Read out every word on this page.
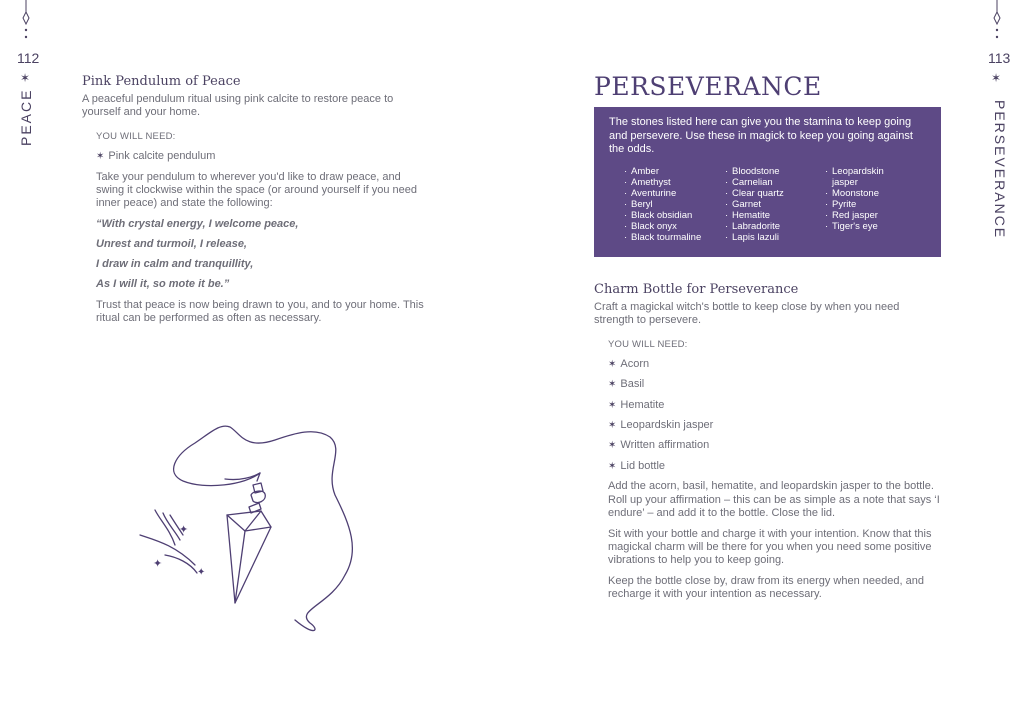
112
✶
PEACE
113
✶
PERSEVERANCE
Pink Pendulum of Peace
A peaceful pendulum ritual using pink calcite to restore peace to
yourself and your home.
YOU WILL NEED:
✶ Pink calcite pendulum
Take your pendulum to wherever you'd like to draw peace, and
swing it clockwise within the space (or around yourself if you need
inner peace) and state the following:
“With crystal energy, I welcome peace,
Unrest and turmoil, I release,
I draw in calm and tranquillity,
As I will it, so mote it be.”
Trust that peace is now being drawn to you, and to your home. This
ritual can be performed as often as necessary.
✦
✦
✦
PERSEVERANCE
The stones listed here can give you the stamina to keep going
and persevere. Use these in magick to keep you going against
the odds.
· Amber
· Amethyst
· Aventurine
· Beryl
· Black obsidian
· Black onyx
· Black tourmaline
· Bloodstone
· Carnelian
· Clear quartz
· Garnet
· Hematite
· Labradorite
· Lapis lazuli
· Leopardskin
jasper
· Moonstone
· Pyrite
· Red jasper
· Tiger's eye
Charm Bottle for Perseverance
Craft a magickal witch's bottle to keep close by when you need
strength to persevere.
YOU WILL NEED:
✶ Acorn
✶ Basil
✶ Hematite
✶ Leopardskin jasper
✶ Written affirmation
✶ Lid bottle
Add the acorn, basil, hematite, and leopardskin jasper to the bottle.
Roll up your affirmation – this can be as simple as a note that says ‘I
endure’ – and add it to the bottle. Close the lid.
Sit with your bottle and charge it with your intention. Know that this
magickal charm will be there for you when you need some positive
vibrations to help you to keep going.
Keep the bottle close by, draw from its energy when needed, and
recharge it with your intention as necessary.
